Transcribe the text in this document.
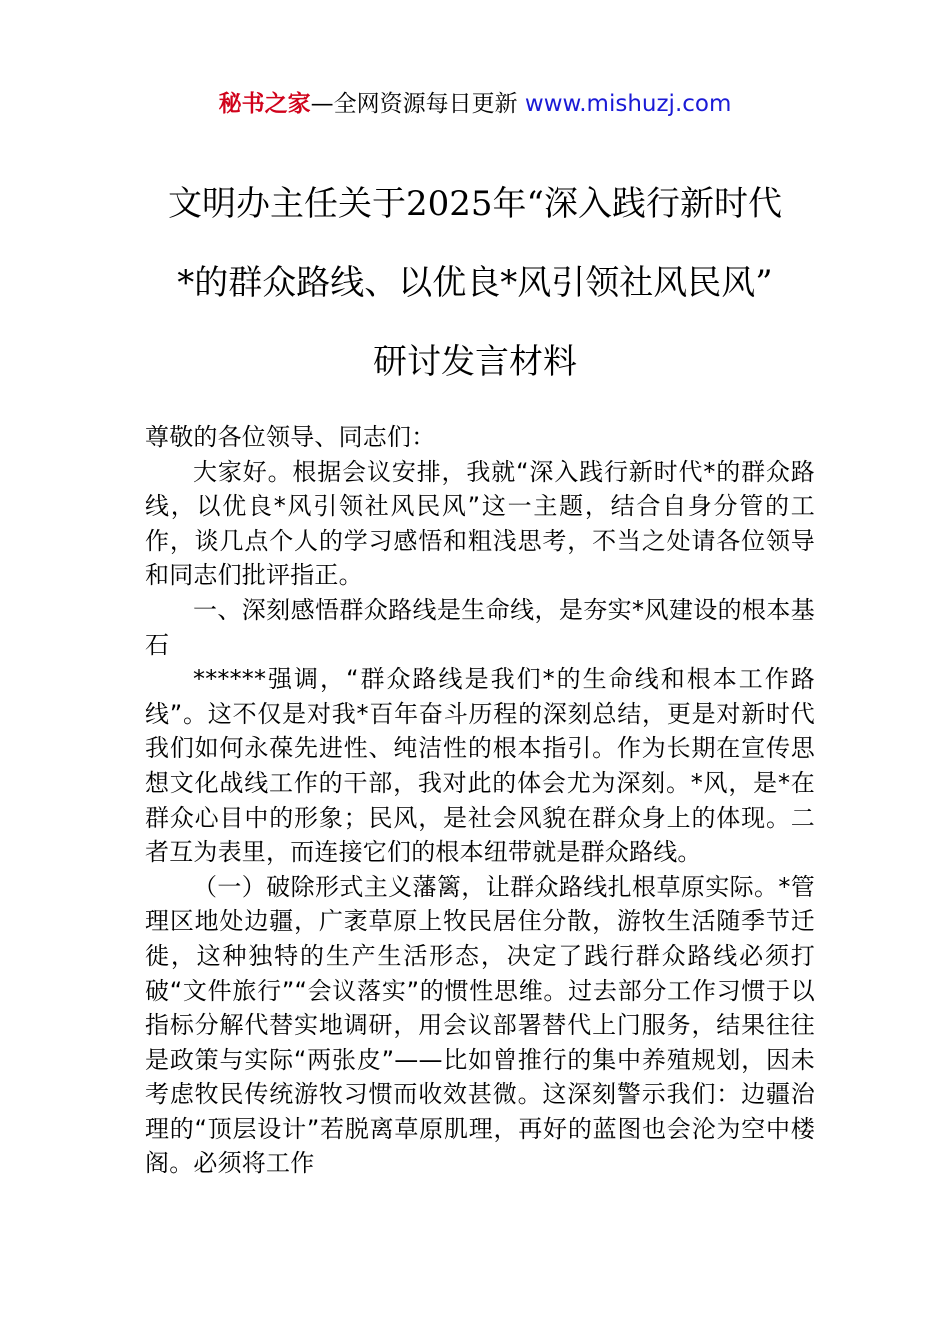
秘书之家—全网资源每日更新 www.mishuzj.com
文明办主任关于2025年“深入践行新时代
*的群众路线、以优良*风引领社风民风”
研讨发言材料

尊敬的各位领导、同志们：

大家好。根据会议安排，我就“深入践行新时代*的群众路线，以优良*风引领社风民风”这一主题，结合自身分管的工作，谈几点个人的学习感悟和粗浅思考，不当之处请各位领导和同志们批评指正。

一、深刻感悟群众路线是生命线，是夯实*风建设的根本基石

******强调，“群众路线是我们*的生命线和根本工作路线”。这不仅是对我*百年奋斗历程的深刻总结，更是对新时代我们如何永葆先进性、纯洁性的根本指引。作为长期在宣传思想文化战线工作的干部，我对此的体会尤为深刻。*风，是*在群众心目中的形象；民风，是社会风貌在群众身上的体现。二者互为表里，而连接它们的根本纽带就是群众路线。

（一）破除形式主义藩篱，让群众路线扎根草原实际。*管理区地处边疆，广袤草原上牧民居住分散，游牧生活随季节迁徙，这种独特的生产生活形态，决定了践行群众路线必须打破“文件旅行”“会议落实”的惯性思维。过去部分工作习惯于以指标分解代替实地调研，用会议部署替代上门服务，结果往往是政策与实际“两张皮”——比如曾推行的集中养殖规划，因未考虑牧民传统游牧习惯而收效甚微。这深刻警示我们：边疆治理的“顶层设计”若脱离草原肌理，再好的蓝图也会沦为空中楼阁。必须将工作
